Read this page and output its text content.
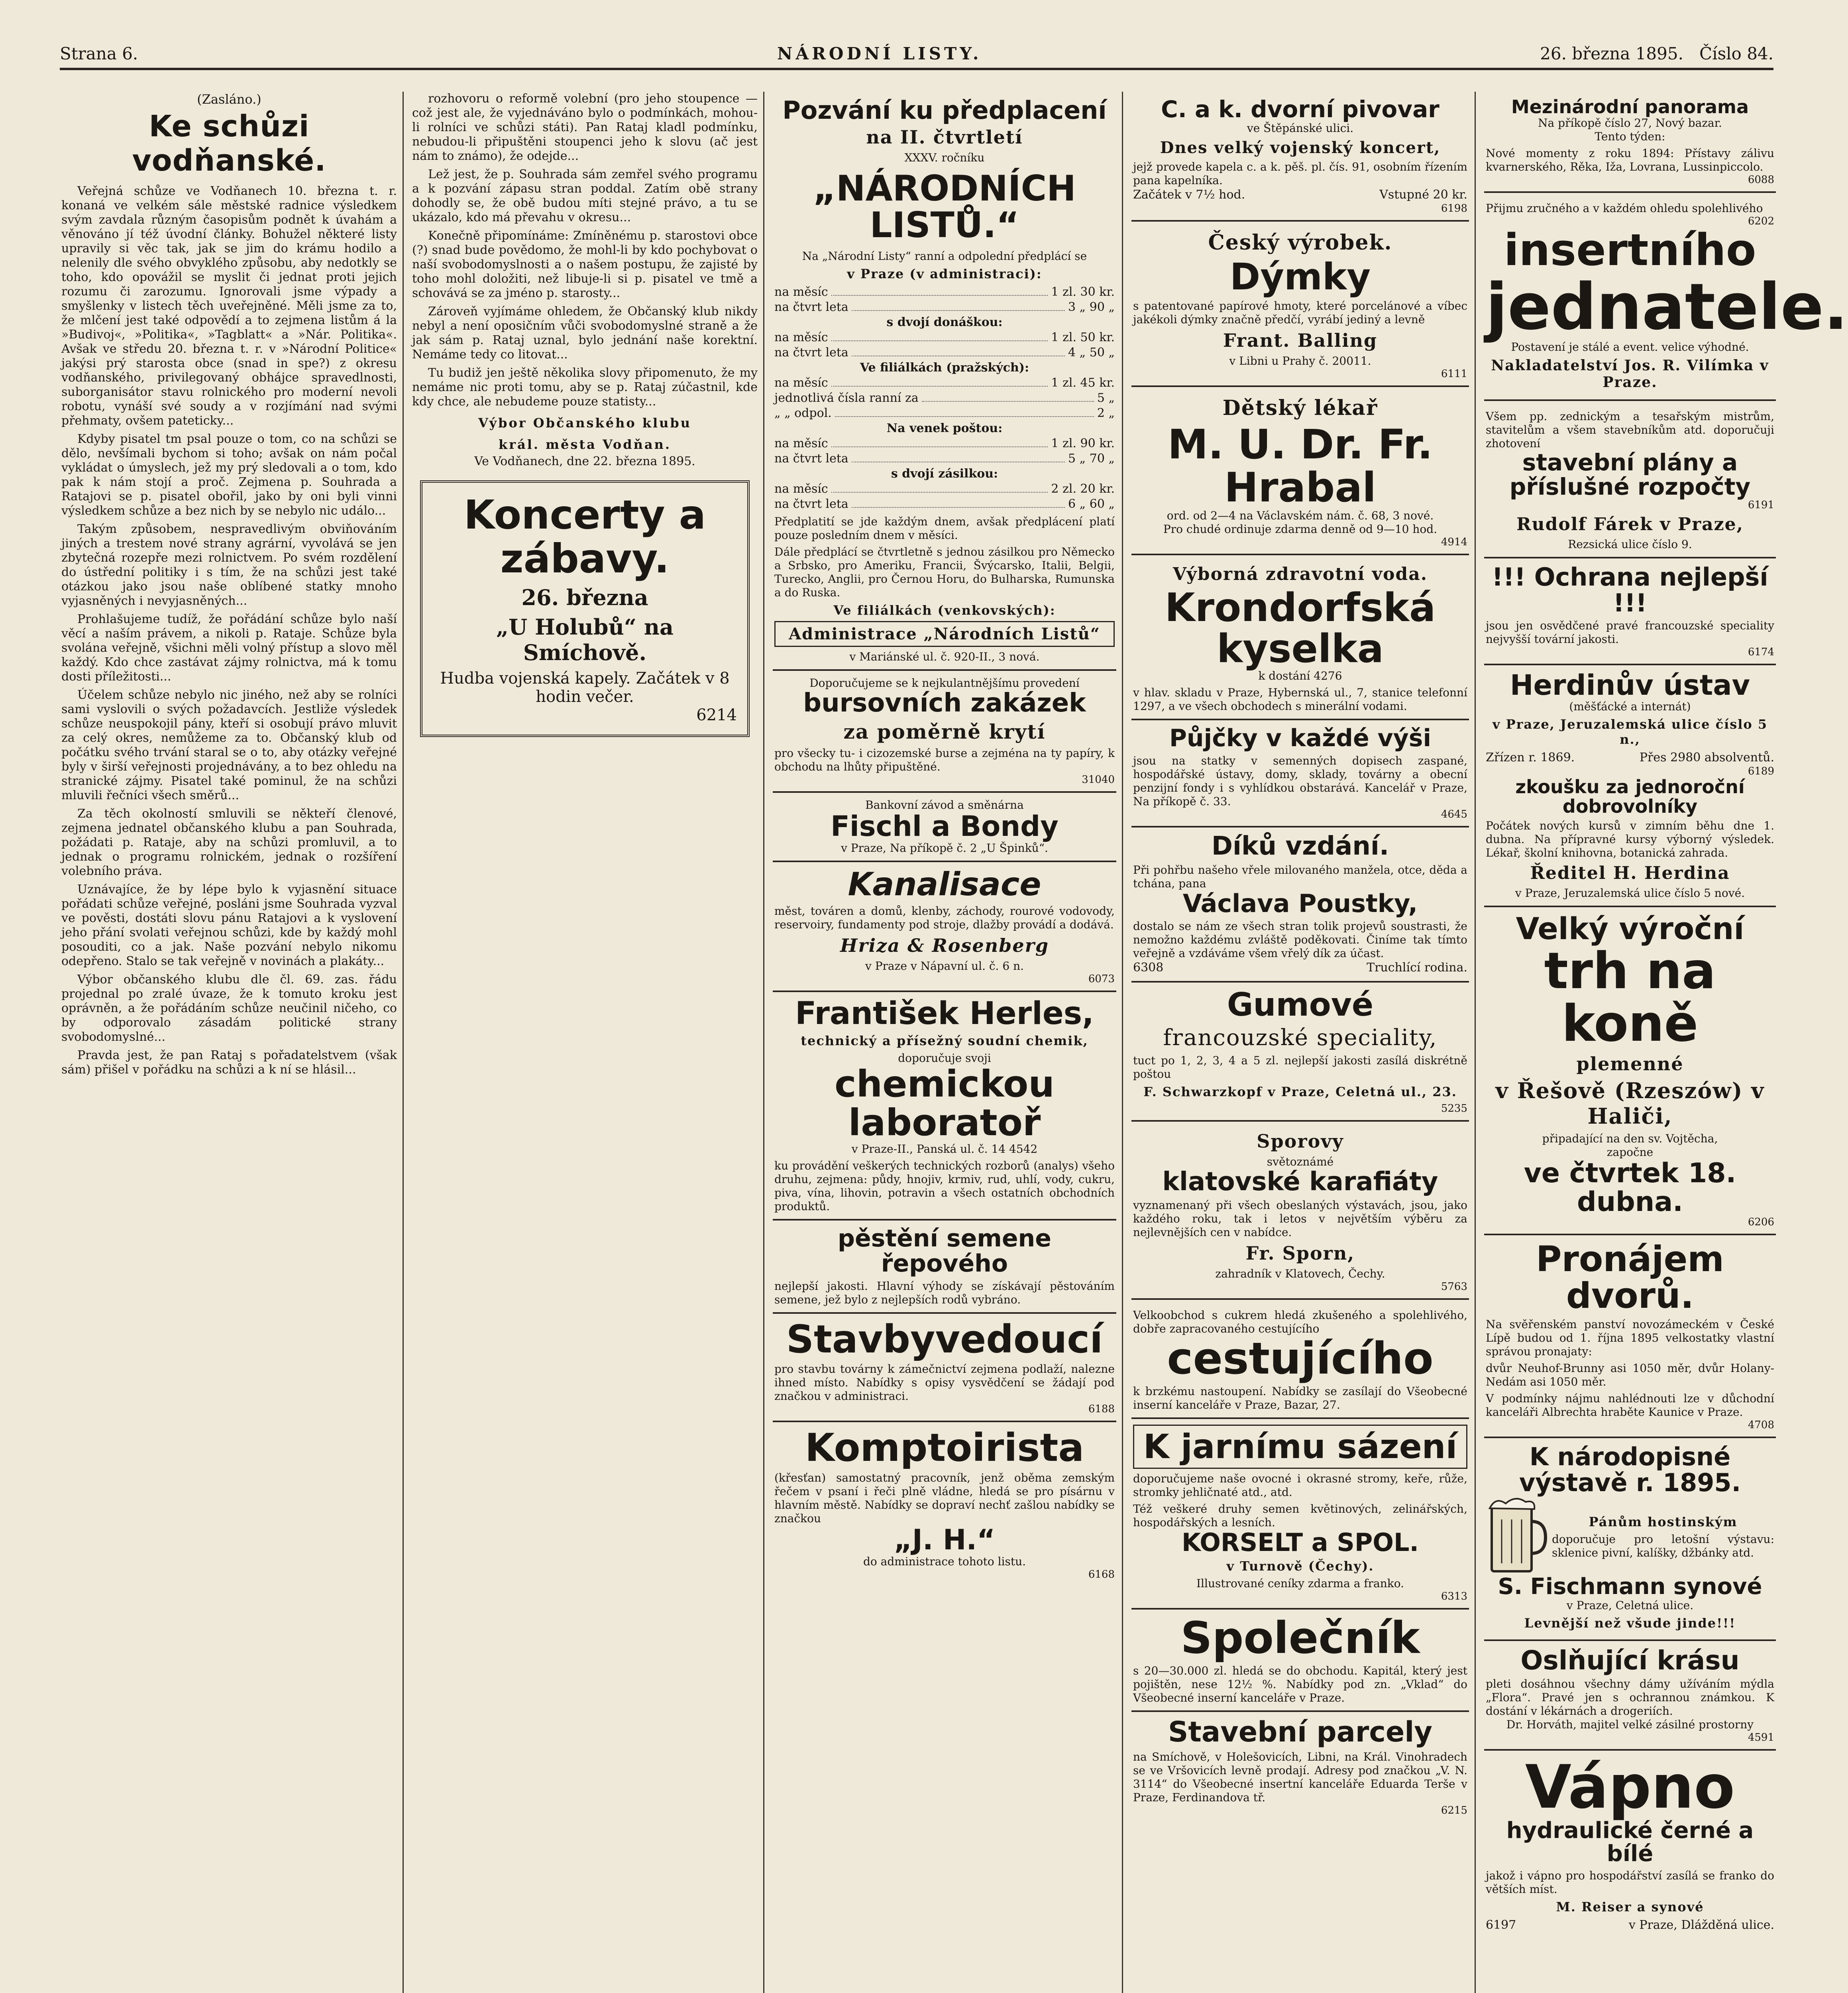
Strana 6.	NÁRODNÍ LISTY.	26. března 1895. Číslo 84.
(Zasláno.)
Ke schůzi vodňanské.

Veřejná schůze ve Vodňanech 10. března t. r. konaná ve velkém sále městské radnice výsledkem svým zavdala různým časopisům podnět k úvahám a věnováno jí též úvodní články. Bohužel některé listy upravily si věc tak, jak se jim do krámu hodilo a nelenily dle svého obvyklého způsobu, aby nedotkly se toho, kdo opovážil se myslit či jednat proti jejich rozumu či zarozumu. Ignorovali jsme výpady a smyšlenky v listech těch uveřejněné. Měli jsme za to, že mlčení jest také odpovědí a to zejmena listům á la »Budivoj«, »Politika«, »Tagblatt« a »Nár. Politika«. Avšak ve středu 20. března t. r. v »Národní Politice« jakýsi prý starosta obce (snad in spe?) z okresu vodňanského, privilegovaný obhájce spravedlnosti, suborganisátor stavu rolnického pro moderní nevoli robotu, vynáší své soudy a v rozjímání nad svými přehmaty, ovšem pateticky...

Kdyby pisatel tm psal pouze o tom, co na schůzi se dělo, nevšímali bychom si toho; avšak on nám počal vykládat o úmyslech, jež my prý sledovali a o tom, kdo pak k nám stojí a proč. Zejmena p. Souhrada a Ratajovi se p. pisatel obořil, jako by oni byli vinni výsledkem schůze a bez nich by se nebylo nic událo...

Takým způsobem, nespravedlivým obviňováním jiných a trestem nové strany agrární, vyvolává se jen zbytečná rozepře mezi rolnictvem. Po svém rozdělení do ústřední politiky i s tím, že na schůzi jest také otázkou jako jsou naše oblíbené statky mnoho vyjasněných i nevyjasněných...

Prohlašujeme tudíž, že pořádání schůze bylo naší věcí a naším právem, a nikoli p. Rataje. Schůze byla svolána veřejně, všichni měli volný přístup a slovo měl každý. Kdo chce zastávat zájmy rolnictva, má k tomu dosti příležitosti...

Účelem schůze nebylo nic jiného, než aby se rolníci sami vyslovili o svých požadavcích. Jestliže výsledek schůze neuspokojil pány, kteří si osobují právo mluvit za celý okres, nemůžeme za to. Občanský klub od počátku svého trvání staral se o to, aby otázky veřejné byly v širší veřejnosti projednávány, a to bez ohledu na stranické zájmy. Pisatel také pominul, že na schůzi mluvili řečníci všech směrů...

Za těch okolností smluvili se někteří členové, zejmena jednatel občanského klubu a pan Souhrada, požádati p. Rataje, aby na schůzi promluvil, a to jednak o programu rolnickém, jednak o rozšíření volebního práva.

Uznávajíce, že by lépe bylo k vyjasnění situace pořádati schůze veřejné, posláni jsme Souhrada vyzval ve pověsti, dostáti slovu pánu Ratajovi a k vyslovení jeho přání svolati veřejnou schůzi, kde by každý mohl posouditi, co a jak. Naše pozvání nebylo nikomu odepřeno. Stalo se tak veřejně v novinách a plakáty...

Výbor občanského klubu dle čl. 69. zas. řádu projednal po zralé úvaze, že k tomuto kroku jest oprávněn, a že pořádáním schůze neučinil ničeho, co by odporovalo zásadám politické strany svobodomyslné...

Pravda jest, že pan Rataj s pořadatelstvem (však sám) přišel v pořádku na schůzi a k ní se hlásil...

rozhovoru o reformě volební (pro jeho stoupence — což jest ale, že vyjednáváno bylo o podmínkách, mohou-li rolníci ve schůzi státi). Pan Rataj kladl podmínku, nebudou-li připuštěni stoupenci jeho k slovu (ač jest nám to známo), že odejde...

Lež jest, že p. Souhrada sám zemřel svého programu a k pozvání zápasu stran poddal. Zatím obě strany dohodly se, že obě budou míti stejné právo, a tu se ukázalo, kdo má převahu v okresu...

Konečně připomínáme: Zmíněnému p. starostovi obce (?) snad bude povědomo, že mohl-li by kdo pochybovat o naší svobodomyslnosti a o našem postupu, že zajisté by toho mohl doložiti, než libuje-li si p. pisatel ve tmě a schovává se za jméno p. starosty...

Zároveň vyjímáme ohledem, že Občanský klub nikdy nebyl a není oposičním vůči svobodomyslné straně a že jak sám p. Rataj uznal, bylo jednání naše korektní. Nemáme tedy co litovat...

Tu budiž jen ještě několika slovy připomenuto, že my nemáme nic proti tomu, aby se p. Rataj zúčastnil, kde kdy chce, ale nebudeme pouze statisty...

Výbor Občanského klubu
král. města Vodňan.
Ve Vodňanech, dne 22. března 1895.
Koncerty a zábavy.
26. března
„U Holubů“ na Smíchově.
Hudba vojenská kapely. Začátek v 8 hodin večer.
6214
Pozvání ku předplacení
na II. čtvrtletí
XXXV. ročníku
„NÁRODNÍCH LISTŮ.“
Na „Národní Listy“ ranní a odpolední předplácí se
v Praze (v administraci):
na měsíc	1 zl. 30 kr.
na čtvrt leta	3 „ 90 „
s dvojí donáškou:
na měsíc	1 zl. 50 kr.
na čtvrt leta	4 „ 50 „
Ve filiálkách (pražských):
na měsíc	1 zl. 45 kr.
jednotlivá čísla ranní za	5 „
„ „ odpol.	2 „
Na venek poštou:
na měsíc	1 zl. 90 kr.
na čtvrt leta	5 „ 70 „
s dvojí zásilkou:
na měsíc	2 zl. 20 kr.
na čtvrt leta	6 „ 60 „
Předplatití se jde každým dnem, avšak předplácení platí pouze posledním dnem v měsíci.
Dále předplácí se čtvrtletně s jednou zásilkou pro Německo a Srbsko, pro Ameriku, Francii, Švýcarsko, Italii, Belgii, Turecko, Anglii, pro Černou Horu, do Bulharska, Rumunska a do Ruska.
Ve filiálkách (venkovských):
Administrace „Národních Listů“
v Mariánské ul. č. 920-II., 3 nová.
Doporučujeme se k nejkulantnějšímu provedení
bursovních zakázek
za poměrně krytí
pro všecky tu- i cizozemské burse a zejména na ty papíry, k obchodu na lhůty připuštěné.
31040
Bankovní závod a směnárna
Fischl a Bondy
v Praze, Na příkopě č. 2 „U Špinků“.
Kanalisace
měst, továren a domů, klenby, záchody, rourové vodovody, reservoiry, fundamenty pod stroje, dlažby provádí a dodává.
Hriza & Rosenberg
v Praze v Nápavní ul. č. 6 n.
6073
František Herles,
technický a přísežný soudní chemik,
doporučuje svoji
chemickou laboratoř
v Praze-II., Panská ul. č. 14 4542
ku provádění veškerých technických rozborů (analys) všeho druhu, zejmena: půdy, hnojiv, krmiv, rud, uhlí, vody, cukru, piva, vína, lihovin, potravin a všech ostatních obchodních produktů.
pěstění semene řepového
nejlepší jakosti. Hlavní výhody se získávají pěstováním semene, jež bylo z nejlepších rodů vybráno.
Stavbyvedoucí
pro stavbu továrny k zámečnictví zejmena podlaží, nalezne ihned místo. Nabídky s opisy vysvědčení se žádají pod značkou v administraci.
6188
Komptoirista
(křesťan) samostatný pracovník, jenž oběma zemským řečem v psaní i řeči plně vládne, hledá se pro písárnu v hlavním městě. Nabídky se dopraví nechť zašlou nabídky se značkou
„J. H.“
do administrace tohoto listu.
6168
C. a k. dvorní pivovar
ve Štěpánské ulici.
Dnes velký vojenský koncert,
jejž provede kapela c. a k. pěš. pl. čís. 91, osobním řízením pana kapelníka.
Začátek v 7½ hod.	Vstupné 20 kr.
6198
Český výrobek.
Dýmky
s patentované papírové hmoty, které porcelánové a víbec jakékoli dýmky značně předčí, vyrábí jediný a levně
Frant. Balling
v Libni u Prahy č. 20011.
6111
Dětský lékař
M. U. Dr. Fr. Hrabal
ord. od 2—4 na Václavském nám. č. 68, 3 nové.
Pro chudé ordinuje zdarma denně od 9—10 hod.
4914
Výborná zdravotní voda.
Krondorfská kyselka
k dostání 4276
v hlav. skladu v Praze, Hybernská ul., 7, stanice telefonní 1297, a ve všech obchodech s minerální vodami.
Půjčky v každé výši
jsou na statky v semenných dopisech zaspané, hospodářské ústavy, domy, sklady, továrny a obecní penzijní fondy i s vyhlídkou obstarává. Kancelář v Praze, Na příkopě č. 33.
4645
Díků vzdání.
Při pohřbu našeho vřele milovaného manžela, otce, děda a tchána, pana
Václava Poustky,
dostalo se nám ze všech stran tolik projevů soustrasti, že nemožno každému zvláště poděkovati. Činíme tak tímto veřejně a vzdáváme všem vřelý dík za účast.
6308	Truchlící rodina.
Gumové
francouzské speciality,
tuct po 1, 2, 3, 4 a 5 zl. nejlepší jakosti zasílá diskrétně poštou
F. Schwarzkopf v Praze, Celetná ul., 23.
5235
Sporovy
světoznámé
klatovské karafiáty
vyznamenaný při všech obeslaných výstavách, jsou, jako každého roku, tak i letos v největším výběru za nejlevnějších cen v nabídce.
Fr. Sporn,
zahradník v Klatovech, Čechy.
5763
Velkoobchod s cukrem hledá zkušeného a spolehlivého, dobře zapracovaného cestujícího
cestujícího
k brzkému nastoupení. Nabídky se zasílají do Všeobecné inserní kanceláře v Praze, Bazar, 27.
K jarnímu sázení
doporučujeme naše ovocné i okrasné stromy, keře, růže, stromky jehličnaté atd., atd.
Též veškeré druhy semen květinových, zelinářských, hospodářských a lesních.
KORSELT a SPOL.
v Turnově (Čechy).
Illustrované ceníky zdarma a franko.
6313
Společník
s 20—30.000 zl. hledá se do obchodu. Kapitál, který jest pojištěn, nese 12½ %. Nabídky pod zn. „Vklad“ do Všeobecné inserní kanceláře v Praze.
Stavební parcely
na Smíchově, v Holešovicích, Libni, na Král. Vinohradech se ve Vršovicích levně prodají. Adresy pod značkou „V. N. 3114“ do Všeobecné insertní kanceláře Eduarda Terše v Praze, Ferdinandova tř.
6215
Mezinárodní panorama
Na příkopě číslo 27, Nový bazar.
Tento týden:
Nové momenty z roku 1894: Přístavy zálivu kvarnerského, Rěka, Iža, Lovrana, Lussinpiccolo.
6088
Přijmu zručného a v každém ohledu spolehlivého
6202
insertního
jednatele.
Postavení je stálé a event. velice výhodné.
Nakladatelství Jos. R. Vilímka v Praze.
Všem pp. zednickým a tesařským mistrům, stavitelům a všem stavebníkům atd. doporučuji zhotovení
stavební plány a příslušné rozpočty
6191
Rudolf Fárek v Praze,
Rezsická ulice číslo 9.
!!! Ochrana nejlepší !!!
jsou jen osvědčené pravé francouzské speciality nejvyšší tovární jakosti.
6174
Herdinův ústav
(měšťácké a internát)
v Praze, Jeruzalemská ulice číslo 5 n.,
Zřízen r. 1869.	Přes 2980 absolventů.
6189
zkoušku za jednoroční dobrovolníky
Počátek nových kursů v zimním běhu dne 1. dubna. Na přípravné kursy výborný výsledek. Lékař, školní knihovna, botanická zahrada.
Ředitel H. Herdina
v Praze, Jeruzalemská ulice číslo 5 nové.
Velký výroční
trh na koně
plemenné
v Řešově (Rzeszów) v Haliči,
připadající na den sv. Vojtěcha,
započne
ve čtvrtek 18. dubna.
6206
Pronájem dvorů.
Na svěřenském panství novozámeckém v České Lípě budou od 1. října 1895 velkostatky vlastní správou pronajaty:
dvůr Neuhof-Brunny asi 1050 měr, dvůr Holany-Nedám asi 1050 měr.
V podmínky nájmu nahlédnouti lze v důchodní kanceláři Albrechta hraběte Kaunice v Praze.
4708
K národopisné výstavě r. 1895.
Pánům hostinským
doporučuje pro letošní výstavu: sklenice pivní, kalíšky, džbánky atd.
S. Fischmann synové
v Praze, Celetná ulice.
Levnější než všude jinde!!!
Oslňující krásu
pleti dosáhnou všechny dámy užíváním mýdla „Flora“. Pravé jen s ochrannou známkou. K dostání v lékárnách a drogeriích.
Dr. Horváth, majitel velké zásilné prostorny
4591
Vápno
hydraulické černé a bílé
jakož i vápno pro hospodářství zasílá se franko do větších míst.
M. Reiser a synové
6197	v Praze, Dlážděná ulice.
